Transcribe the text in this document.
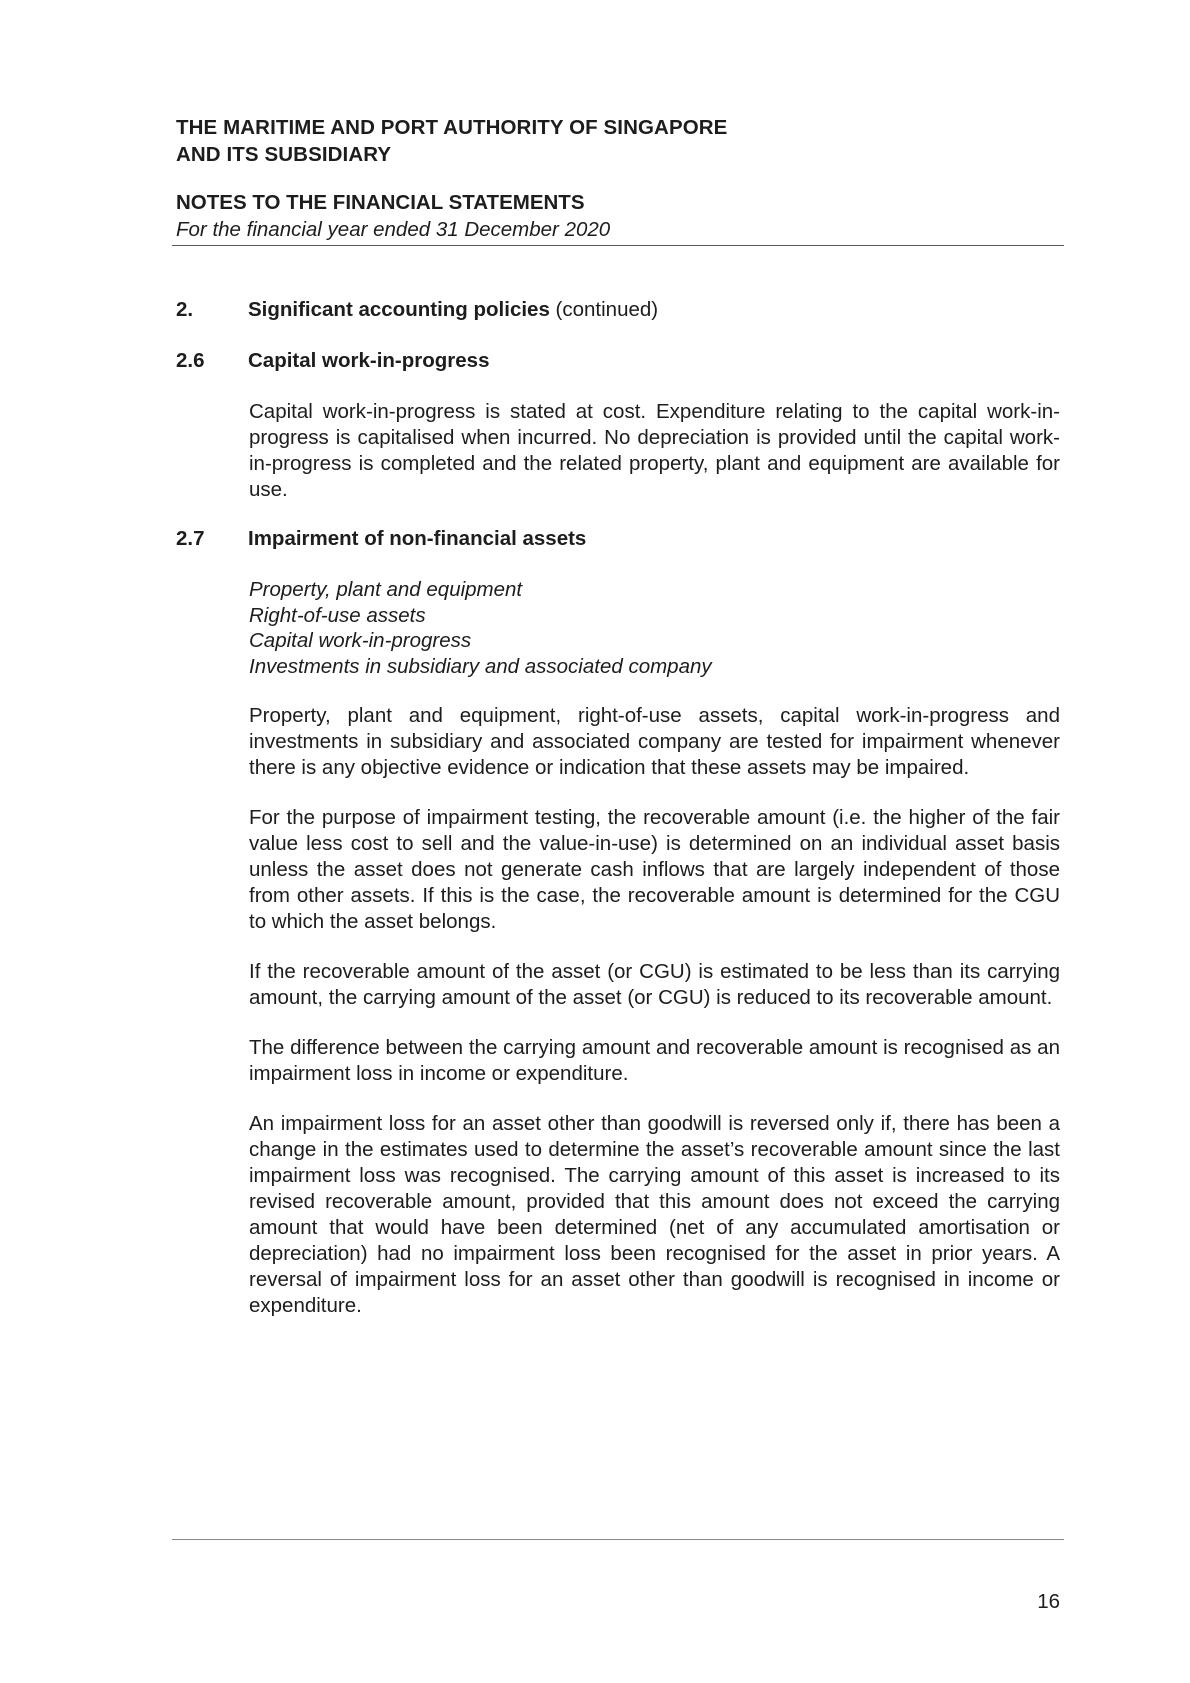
THE MARITIME AND PORT AUTHORITY OF SINGAPORE
AND ITS SUBSIDIARY
NOTES TO THE FINANCIAL STATEMENTS
For the financial year ended 31 December 2020
2.	Significant accounting policies (continued)
2.6 Capital work-in-progress

Capital work-in-progress is stated at cost. Expenditure relating to the capital work-in-progress is capitalised when incurred. No depreciation is provided until the capital work-in-progress is completed and the related property, plant and equipment are available for use.

2.7 Impairment of non-financial assets
Property, plant and equipment
Right-of-use assets
Capital work-in-progress
Investments in subsidiary and associated company

Property, plant and equipment, right-of-use assets, capital work-in-progress and investments in subsidiary and associated company are tested for impairment whenever there is any objective evidence or indication that these assets may be impaired.

For the purpose of impairment testing, the recoverable amount (i.e. the higher of the fair value less cost to sell and the value-in-use) is determined on an individual asset basis unless the asset does not generate cash inflows that are largely independent of those from other assets. If this is the case, the recoverable amount is determined for the CGU to which the asset belongs.

If the recoverable amount of the asset (or CGU) is estimated to be less than its carrying amount, the carrying amount of the asset (or CGU) is reduced to its recoverable amount.

The difference between the carrying amount and recoverable amount is recognised as an impairment loss in income or expenditure.

An impairment loss for an asset other than goodwill is reversed only if, there has been a change in the estimates used to determine the asset’s recoverable amount since the last impairment loss was recognised. The carrying amount of this asset is increased to its revised recoverable amount, provided that this amount does not exceed the carrying amount that would have been determined (net of any accumulated amortisation or depreciation) had no impairment loss been recognised for the asset in prior years. A reversal of impairment loss for an asset other than goodwill is recognised in income or expenditure.

16
